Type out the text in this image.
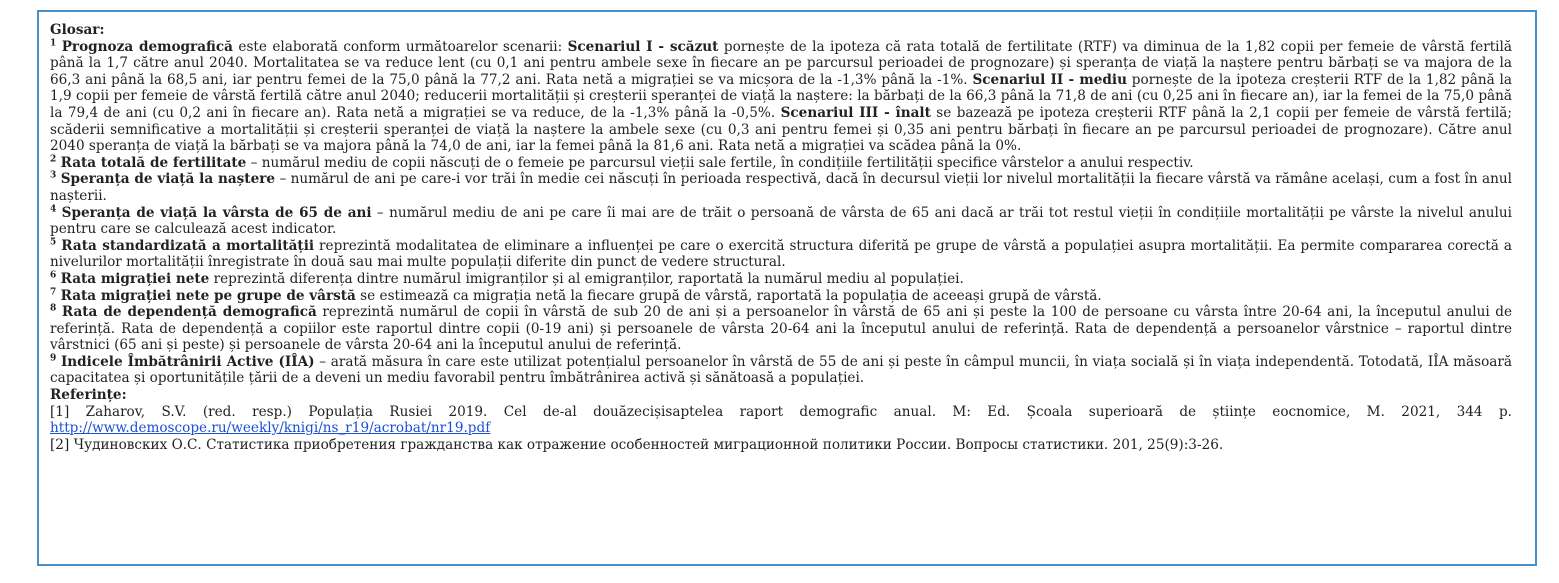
Glosar:

$^1$ Prognoza demografică este elaborată conform următoarelor scenarii: Scenariul I - scăzut pornește de la ipoteza că rata totală de fertilitate (RTF) va diminua de la 1,82 copii per femeie de vârstă fertilă până la 1,7 către anul 2040. Mortalitatea se va reduce lent (cu 0,1 ani pentru ambele sexe în fiecare an pe parcursul perioadei de prognozare) și speranța de viață la naștere pentru bărbați se va majora de la 66,3 ani până la 68,5 ani, iar pentru femei de la 75,0 până la 77,2 ani. Rata netă a migrației se va micșora de la -1,3% până la -1%. Scenariul II - mediu pornește de la ipoteza creșterii RTF de la 1,82 până la 1,9 copii per femeie de vârstă fertilă către anul 2040; reducerii mortalității și creșterii speranței de viață la naștere: la bărbați de la 66,3 până la 71,8 de ani (cu 0,25 ani în fiecare an), iar la femei de la 75,0 până la 79,4 de ani (cu 0,2 ani în fiecare an). Rata netă a migrației se va reduce, de la -1,3% până la -0,5%. Scenariul III - înalt se bazează pe ipoteza creșterii RTF până la 2,1 copii per femeie de vârstă fertilă; scăderii semnificative a mortalității și creșterii speranței de viață la naștere la ambele sexe (cu 0,3 ani pentru femei și 0,35 ani pentru bărbați în fiecare an pe parcursul perioadei de prognozare). Către anul 2040 speranța de viață la bărbați se va majora până la 74,0 de ani, iar la femei până la 81,6 ani. Rata netă a migrației va scădea până la 0%.

$^2$ Rata totală de fertilitate – numărul mediu de copii născuți de o femeie pe parcursul vieții sale fertile, în condițiile fertilității specifice vârstelor a anului respectiv.

$^3$ Speranța de viață la naștere – numărul de ani pe care-i vor trăi în medie cei născuți în perioada respectivă, dacă în decursul vieții lor nivelul mortalității la fiecare vârstă va rămâne același, cum a fost în anul nașterii.

$^4$ Speranța de viață la vârsta de 65 de ani – numărul mediu de ani pe care îi mai are de trăit o persoană de vârsta de 65 ani dacă ar trăi tot restul vieții în condițiile mortalității pe vârste la nivelul anului pentru care se calculează acest indicator.

$^5$ Rata standardizată a mortalității reprezintă modalitatea de eliminare a influenței pe care o exercită structura diferită pe grupe de vârstă a populației asupra mortalității. Ea permite compararea corectă a nivelurilor mortalității înregistrate în două sau mai multe populații diferite din punct de vedere structural.

$^6$ Rata migrației nete reprezintă diferența dintre numărul imigranților și al emigranților, raportată la numărul mediu al populației.

$^7$ Rata migrației nete pe grupe de vârstă se estimează ca migrația netă la fiecare grupă de vârstă, raportată la populația de aceeași grupă de vârstă.

$^8$ Rata de dependență demografică reprezintă numărul de copii în vârstă de sub 20 de ani și a persoanelor în vârstă de 65 ani și peste la 100 de persoane cu vârsta între 20-64 ani, la începutul anului de referință. Rata de dependență a copiilor este raportul dintre copii (0-19 ani) și persoanele de vârsta 20-64 ani la începutul anului de referință. Rata de dependență a persoanelor vârstnice – raportul dintre vârstnici (65 ani și peste) și persoanele de vârsta 20-64 ani la începutul anului de referință.

$^9$ Indicele Îmbătrânirii Active (IÎA) – arată măsura în care este utilizat potențialul persoanelor în vârstă de 55 de ani și peste în câmpul muncii, în viața socială și în viața independentă. Totodată, IÎA măsoară capacitatea și oportunitățile țării de a deveni un mediu favorabil pentru îmbătrânirea activă și sănătoasă a populației.

Referințe:

[1] Zaharov, S.V. (red. resp.) Populația Rusiei 2019. Cel de-al douăzecișisaptelea raport demografic anual. M: Ed. Școala superioară de științe eocnomice, M. 2021, 344 p. http://www.demoscope.ru/weekly/knigi/ns_r19/acrobat/nr19.pdf

[2] Чудиновских О.С. Статистика приобретения гражданства как отражение особенностей миграционной политики России. Вопросы статистики. 201, 25(9):3-26.
